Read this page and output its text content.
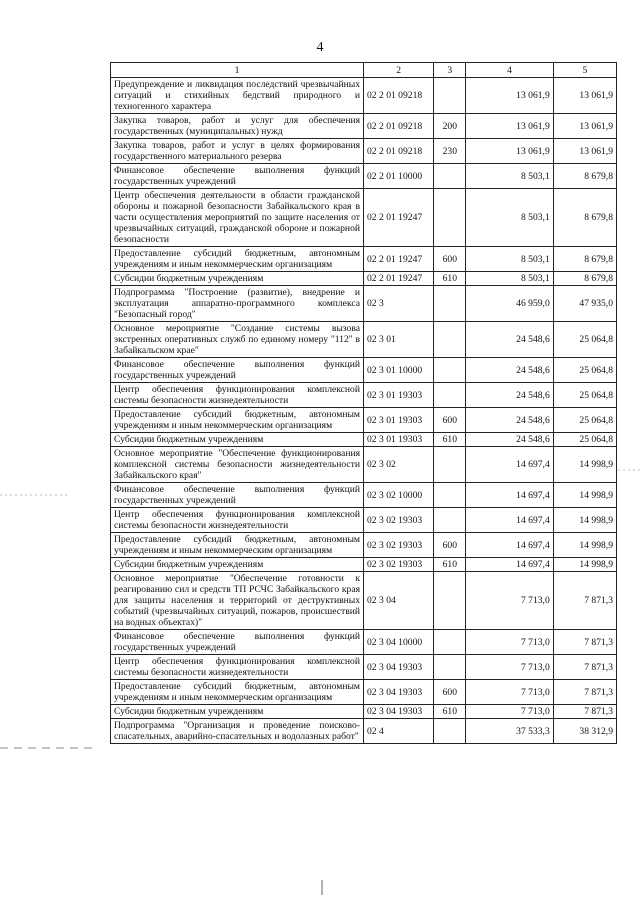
4
1	2	3	4	5
Предупреждение и ликвидация последствий чрезвычайных ситуаций и стихийных бедствий природного и техногенного характера	02 2 01 09218		13 061,9	13 061,9
Закупка товаров, работ и услуг для обеспечения государственных (муниципальных) нужд	02 2 01 09218	200	13 061,9	13 061,9
Закупка товаров, работ и услуг в целях формирования государственного материального резерва	02 2 01 09218	230	13 061,9	13 061,9
Финансовое обеспечение выполнения функций государственных учреждений	02 2 01 10000		8 503,1	8 679,8
Центр обеспечения деятельности в области гражданской обороны и пожарной безопасности Забайкальского края в части осуществления мероприятий по защите населения от чрезвычайных ситуаций, гражданской обороне и пожарной безопасности	02 2 01 19247		8 503,1	8 679,8
Предоставление субсидий бюджетным, автономным учреждениям и иным некоммерческим организациям	02 2 01 19247	600	8 503,1	8 679,8
Субсидии бюджетным учреждениям	02 2 01 19247	610	8 503,1	8 679,8
Подпрограмма "Построение (развитие), внедрение и эксплуатация аппаратно-программного комплекса "Безопасный город"	02 3		46 959,0	47 935,0
Основное мероприятие "Создание системы вызова экстренных оперативных служб по единому номеру "112" в Забайкальском крае"	02 3 01		24 548,6	25 064,8
Финансовое обеспечение выполнения функций государственных учреждений	02 3 01 10000		24 548,6	25 064,8
Центр обеспечения функционирования комплексной системы безопасности жизнедеятельности	02 3 01 19303		24 548,6	25 064,8
Предоставление субсидий бюджетным, автономным учреждениям и иным некоммерческим организациям	02 3 01 19303	600	24 548,6	25 064,8
Субсидии бюджетным учреждениям	02 3 01 19303	610	24 548,6	25 064,8
Основное мероприятие "Обеспечение функционирования комплексной системы безопасности жизнедеятельности Забайкальского края"	02 3 02		14 697,4	14 998,9
Финансовое обеспечение выполнения функций государственных учреждений	02 3 02 10000		14 697,4	14 998,9
Центр обеспечения функционирования комплексной системы безопасности жизнедеятельности	02 3 02 19303		14 697,4	14 998,9
Предоставление субсидий бюджетным, автономным учреждениям и иным некоммерческим организациям	02 3 02 19303	600	14 697,4	14 998,9
Субсидии бюджетным учреждениям	02 3 02 19303	610	14 697,4	14 998,9
Основное мероприятие "Обеспечение готовности к реагированию сил и средств ТП РСЧС Забайкальского края для защиты населения и территорий от деструктивных событий (чрезвычайных ситуаций, пожаров, происшествий на водных объектах)"	02 3 04		7 713,0	7 871,3
Финансовое обеспечение выполнения функций государственных учреждений	02 3 04 10000		7 713,0	7 871,3
Центр обеспечения функционирования комплексной системы безопасности жизнедеятельности	02 3 04 19303		7 713,0	7 871,3
Предоставление субсидий бюджетным, автономным учреждениям и иным некоммерческим организациям	02 3 04 19303	600	7 713,0	7 871,3
Субсидии бюджетным учреждениям	02 3 04 19303	610	7 713,0	7 871,3
Подпрограмма "Организация и проведение поисково-спасательных, аварийно-спасательных и водолазных работ"	02 4		37 533,3	38 312,9
